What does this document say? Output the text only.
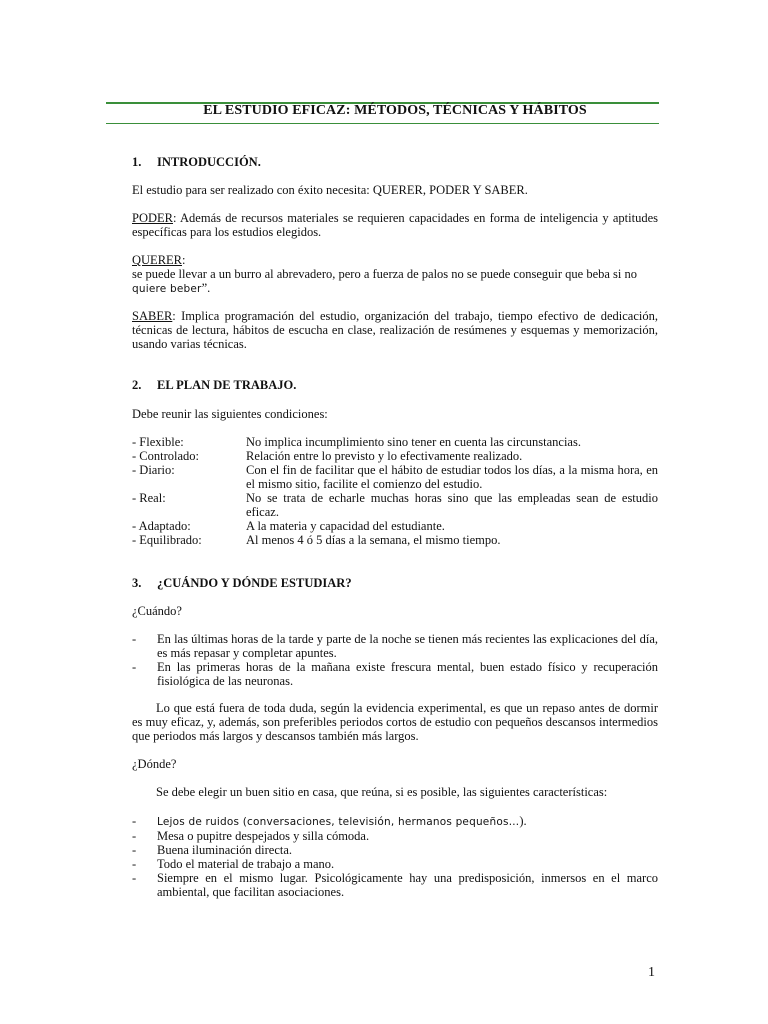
EL ESTUDIO EFICAZ: MÉTODOS, TÉCNICAS Y HÁBITOS
1. INTRODUCCIÓN.
El estudio para ser realizado con éxito necesita: QUERER, PODER Y SABER.
PODER: Además de recursos materiales se requieren capacidades en forma de inteligencia y aptitudes específicas para los estudios elegidos.
QUERER:
se puede llevar a un burro al abrevadero, pero a fuerza de palos no se puede conseguir que beba si no
quiere beber”.
SABER: Implica programación del estudio, organización del trabajo, tiempo efectivo de dedicación, técnicas de lectura, hábitos de escucha en clase, realización de resúmenes y esquemas y memorización, usando varias técnicas.
2. EL PLAN DE TRABAJO.
Debe reunir las siguientes condiciones:
- Flexible:	No implica incumplimiento sino tener en cuenta las circunstancias.
- Controlado:	Relación entre lo previsto y lo efectivamente realizado.
- Diario:	Con el fin de facilitar que el hábito de estudiar todos los días, a la misma hora, en el mismo sitio, facilite el comienzo del estudio.
- Real:	No se trata de echarle muchas horas sino que las empleadas sean de estudio eficaz.
- Adaptado:	A la materia y capacidad del estudiante.
- Equilibrado:	Al menos 4 ó 5 días a la semana, el mismo tiempo.
3. ¿CUÁNDO Y DÓNDE ESTUDIAR?
¿Cuándo?
-	En las últimas horas de la tarde y parte de la noche se tienen más recientes las explicaciones del día, es más repasar y completar apuntes.
-	En las primeras horas de la mañana existe frescura mental, buen estado físico y recuperación fisiológica de las neuronas.
Lo que está fuera de toda duda, según la evidencia experimental, es que un repaso antes de dormir es muy eficaz, y, además, son preferibles periodos cortos de estudio con pequeños descansos intermedios que periodos más largos y descansos también más largos.
¿Dónde?
Se debe elegir un buen sitio en casa, que reúna, si es posible, las siguientes características:
-	Lejos de ruidos (conversaciones, televisión, hermanos pequeños…).
-	Mesa o pupitre despejados y silla cómoda.
-	Buena iluminación directa.
-	Todo el material de trabajo a mano.
-	Siempre en el mismo lugar. Psicológicamente hay una predisposición, inmersos en el marco ambiental, que facilitan asociaciones.
1
